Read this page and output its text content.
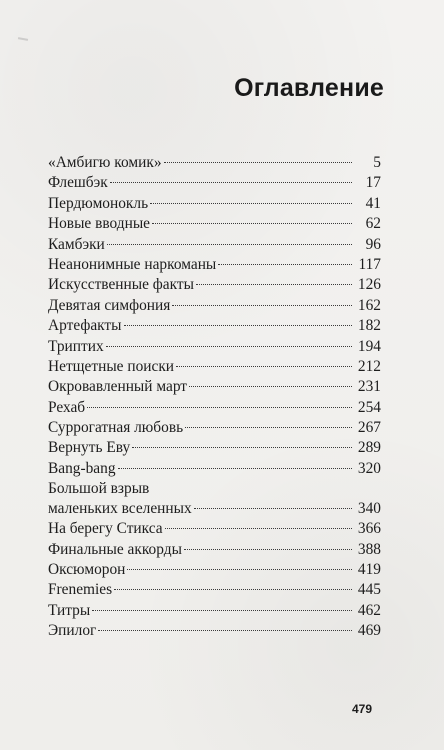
Оглавление
«Амбигю комик»	5
Флешбэк	17
Пердюмонокль	41
Новые вводные	62
Камбэки	96
Неанонимные наркоманы	117
Искусственные факты	126
Девятая симфония	162
Артефакты	182
Триптих	194
Нетщетные поиски	212
Окровавленный март	231
Рехаб	254
Суррогатная любовь	267
Вернуть Еву	289
Bang-bang	320
Большой взрыв
маленьких вселенных	340
На берегу Стикса	366
Финальные аккорды	388
Оксюморон	419
Frenemies	445
Титры	462
Эпилог	469
479
